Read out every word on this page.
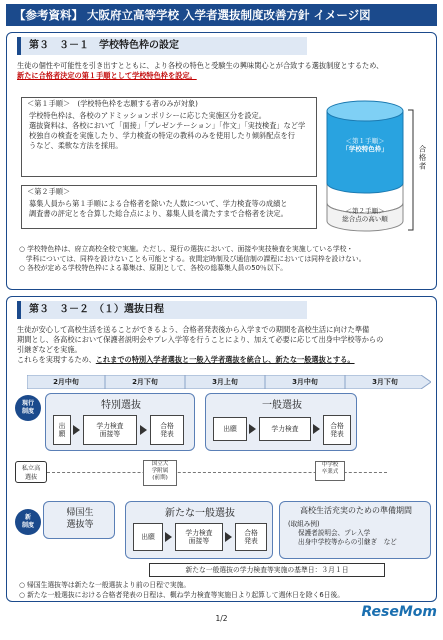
【参考資料】 大阪府立高等学校 入学者選抜制度改善方針 イメージ図
第３　３－１　学校特色枠の設定
生徒の個性や可能性を引き出すとともに、より各校の特色と受験生の興味関心とが合致する選抜制度とするため、
新たに合格者決定の第１手順として学校特色枠を設定。
＜第１手順＞　(学校特色枠を志願する者のみが対象)
学校特色枠は、各校のアドミッションポリシーに応じた実施区分を設定。
選抜資料は、各校において「面接」「プレゼンテーション」「作文」「実技検査」など学
校独自の検査を実施したり、学力検査の特定の教科のみを使用したり傾斜配点を行
うなど、柔軟な方法を採用。
＜第２手順＞
募集人員から第１手順による合格者を除いた人数について、学力検査等の成績と
調査書の評定とを合算した総合点により、募集人員を満たすまで合格者を決定。
＜第１手順＞
「学校特色枠」
＜第２手順＞
総合点の高い順
合格者
○ 学校特色枠は、府立高校全校で実施。ただし、現行の選抜において、面接や実技検査を実施している学校・
　学科については、同枠を設けないことも可能とする。夜間定時制及び通信制の課程においては同枠を設けない。
○ 各校が定める学校特色枠による募集は、原則として、各校の総募集人員の50％以下。
第３　３－２　（１）選抜日程
生徒が安心して高校生活を送ることができるよう、合格者発表後から入学までの期間を高校生活に向けた準備
期間とし、各高校において保護者説明会やプレ入学等を行うことにより、加えて必要に応じて出身中学校等からの
引継ぎなどを実施。
これらを実現するため、これまでの特別入学者選抜と一般入学者選抜を統合し、新たな一般選抜とする。
2月中旬	2月下旬	3月上旬	3月中旬	3月下旬
現行
制度
特別選抜
出
願
学力検査
面接等
合格
発表
一般選抜
出願	学力検査	合格
発表
私立高
選抜
国立大
学附属
(前期)
中学校
卒業式
新
制度
帰国生
選抜等
新たな一般選抜
出願	学力検査
面接等
合格
発表
高校生活充実のための準備期間
(取組み例)
保護者説明会、プレ入学
出身中学校等からの引継ぎ　など
新たな一般選抜の学力検査等実施の基準日：３月１日
○ 帰国生選抜等は新たな一般選抜より前の日程で実施。
○ 新たな一般選抜における合格者発表の日程は、概ね学力検査等実施日より起算して週休日を除く6日後。
1/2	ReseMom
